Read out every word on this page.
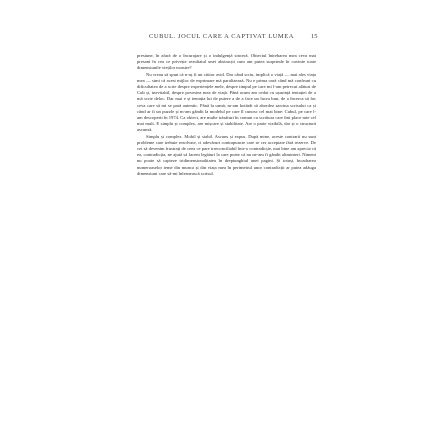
CUBUL. JOCUL CARE A CAPTIVAT LUMEA	15

presiune, în afară de o încurajare și o indulgență sinceră. Obiectul întrebarea mea ceva mai presant în cea ce privește rezultatul unei abstracții cum am putea surprinde în cuvinte toate dimensiunile vieților noastre?

Nu vreau să spun că n-aș fi un cititor avid. Dar când scriu, implică o viață — mai ales viața mea — simt că acest mijloc de exprimare mă paralizează. Nu e prima oară când mă confrunt cu dificultatea de a scrie despre experiențele mele, despre timpul pe care mi l-am petrecut alături de Cub și, inevitabil, despre povestea mea de viață. Până acum am cedat cu ușurință tentației de a mă scrie deloc. Dar mai e și tentația lui de putere a de a face un lucru bun, de a încerca să fac ceva care să mi se pară autentic. Până la urmă, m-am hotărât să abordez sarcina scrisului ca și când ar fi un puzzle și m-am gândit la modelul pe care îl cunosc cel mai bine: Cubul, pe care l-am descoperit în 1974. Ca obiect, are multe trăsături în comun cu scriitura care îmi place mie cel mai mult. E simplu și complex, are mișcare și stabilitate. Are o parte vizibilă, dar și o structură ascunsă.

Simplu și complex. Mobil și stabil. Ascuns și expus. După mine, aceste contrarii nu sunt probleme care trebuie rezolvate, ci adevăruri contrapuncte care se cer acceptate fără rezerve. De cei să devenim frustrați de ceea ce pare irreconciliabil într-o contradicție, mai bine am aprecia că ea, contradicția, ne ajută să facem legături la care poate că nu ne-am fi gândit altminteri. Nimeni nu poate să capteze tridimensionalitatea în dreptunghiul unei pagini. Și totuși, încadrarea numeroaselor teme din munca și din viața mea în perimetrul unor contradicții ar putea adăuga dimensiuni care să-mi înlesnească scrisul.
